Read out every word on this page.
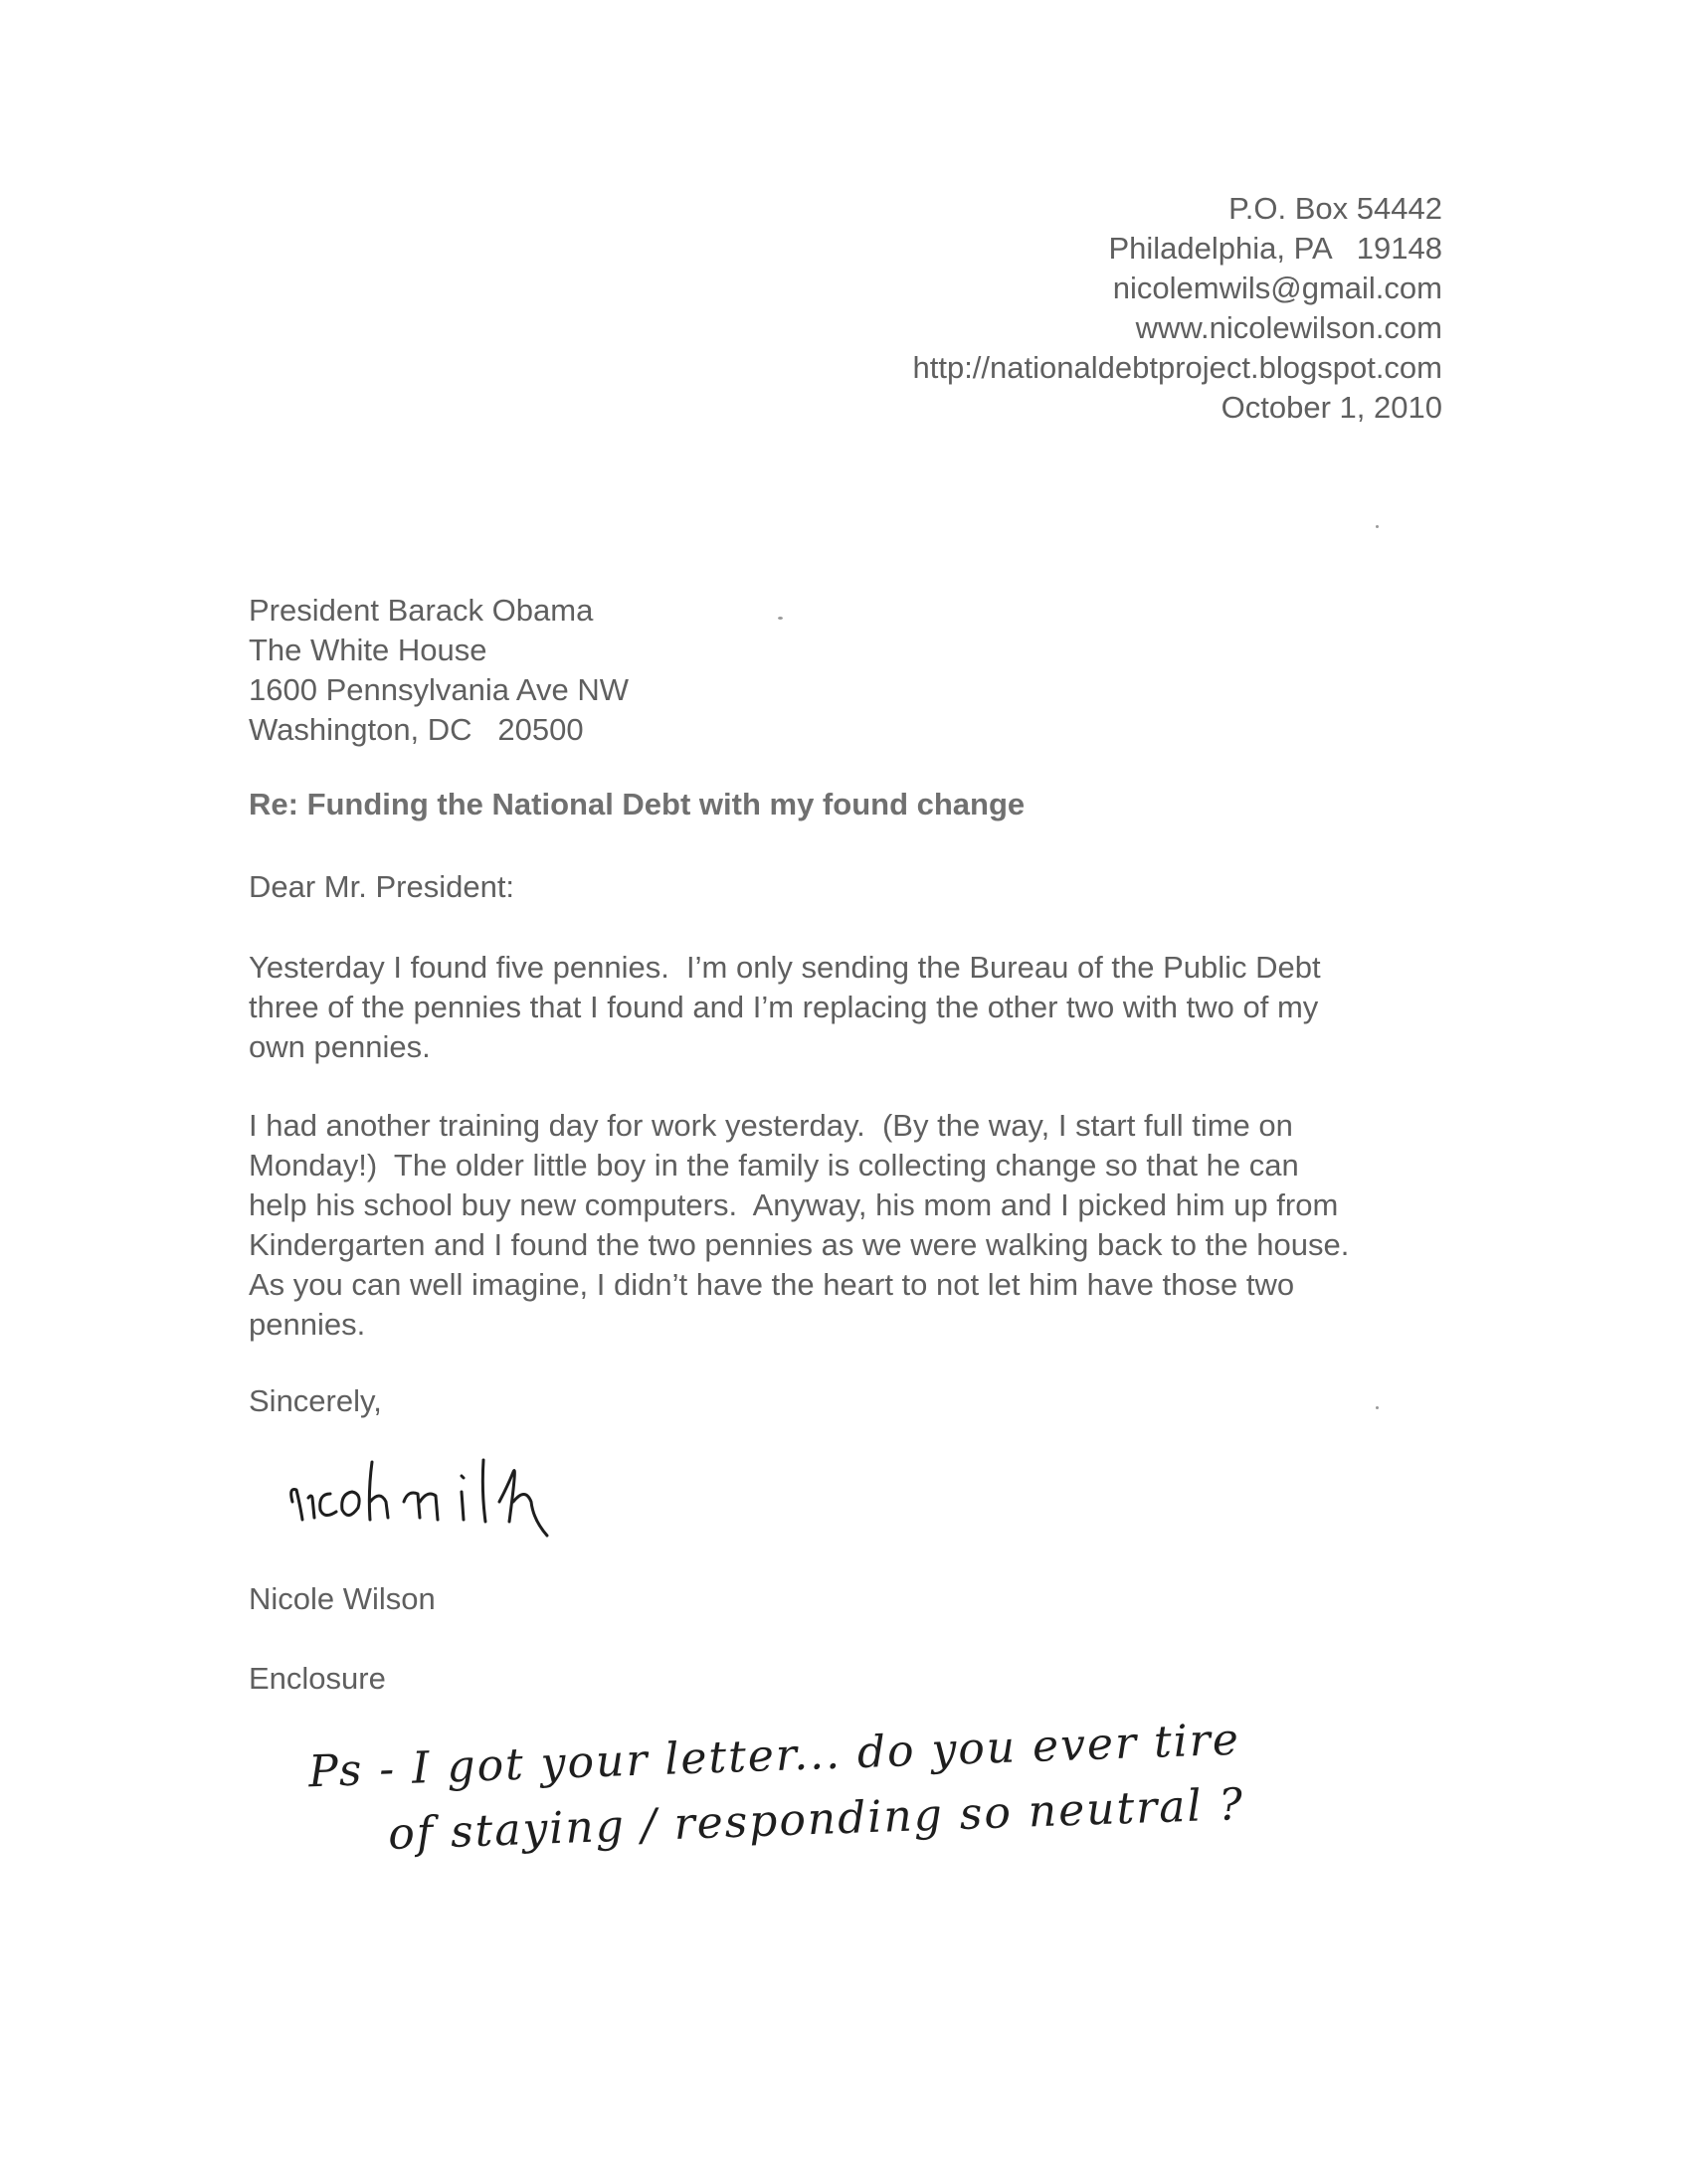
P.O. Box 54442
Philadelphia, PA   19148
nicolemwils@gmail.com
www.nicolewilson.com
http://nationaldebtproject.blogspot.com
October 1, 2010
President Barack Obama
The White House
1600 Pennsylvania Ave NW
Washington, DC   20500
Re: Funding the National Debt with my found change
Dear Mr. President:
Yesterday I found five pennies.  I’m only sending the Bureau of the Public Debt
three of the pennies that I found and I’m replacing the other two with two of my
own pennies.
I had another training day for work yesterday.  (By the way, I start full time on
Monday!)  The older little boy in the family is collecting change so that he can
help his school buy new computers.  Anyway, his mom and I picked him up from
Kindergarten and I found the two pennies as we were walking back to the house.
As you can well imagine, I didn’t have the heart to not let him have those two
pennies.
Sincerely,
Nicole Wilson
Enclosure
Ps - I got your letter... do you ever tire
of staying / responding so neutral ?
